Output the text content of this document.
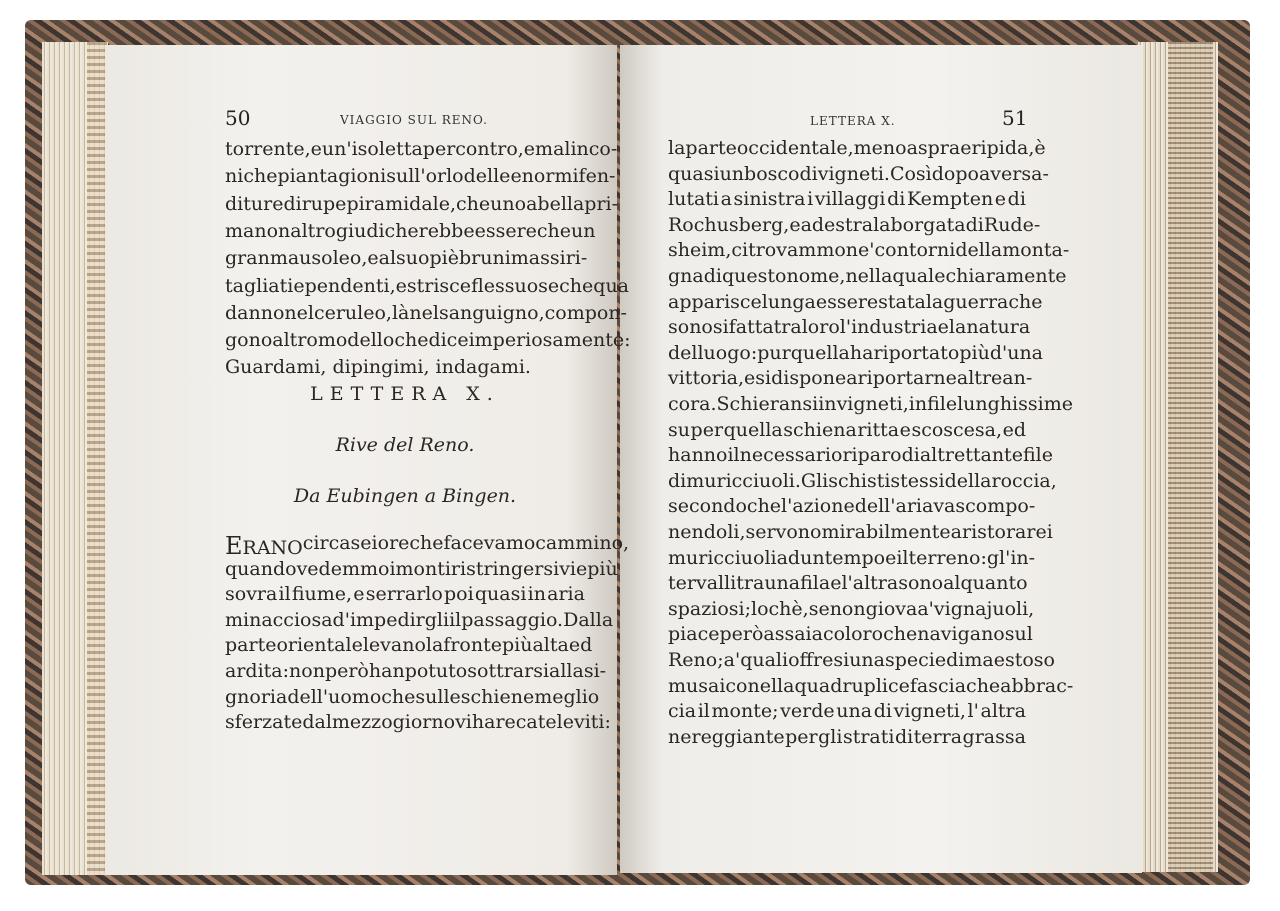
50	VIAGGIO SUL RENO.
torrente, e un' isoletta per contro, e malinco-
niche piantagioni sull' orlo delle enormi fen-
diture di rupe piramidale, che uno a bella pri-
ma non altro giudicherebbe essere che un
gran mausoleo, e al suo piè bruni massi ri-
tagliati e pendenti, e strisce flessuose che qua
danno nel ceruleo, là nel sanguigno, compon-
gono altro modello che dice imperiosamente:
Guardami, dipingimi, indagami.
LETTERA X.
Rive del Reno.
Da Eubingen a Bingen.
ERANO circa sei ore che facevamo cammino,
quando vedemmo i monti ristringersi vie più
sovra il fiume, e serrarlo poi quasi in aria
minacciosa d' impedirgli il passaggio. Dalla
parte orientale levano la fronte più alta ed
ardita: non però han potuto sottrarsi alla si-
gnoria dell' uomo che sulle schiene meglio
sferzate dal mezzogiorno vi ha recate le viti:
LETTERA X.	51
la parte occidentale, meno aspra e ripida, è
quasi un bosco di vigneti. Così dopo aver sa-
lutati a sinistra i villaggi di Kempten e di
Rochusberg, e a destra la borgata di Rude-
sheim, ci trovammo ne' contorni della monta-
gna di questo nome, nella quale chiaramente
apparisce lunga essere stata la guerra che
sonosi fatta tra loro l' industria e la natura
del luogo: pur quella ha riportato più d' una
vittoria, e si dispone a riportarne altre an-
cora. Schieransi in vigneti, in file lunghissime
su per quella schiena ritta e scoscesa, ed
hanno il necessario riparo di altrettante file
di muricciuoli. Gli schisti stessi della roccia,
secondo che l' azione dell' aria va scompo-
nendoli, servono mirabilmente a ristorare i
muricciuoli ad un tempo e il terreno: gl' in-
tervalli tra una fila e l' altra sono alquanto
spaziosi ; lochè, se non giova a' vignajuoli,
piace però assai a coloro che navigano sul
Reno; a' quali offresi una specie di maestoso
musaico nella quadruplice fascia che abbrac-
cia il monte; verde una di vigneti, l' altra
nereggiante per gli strati di terra grassa
